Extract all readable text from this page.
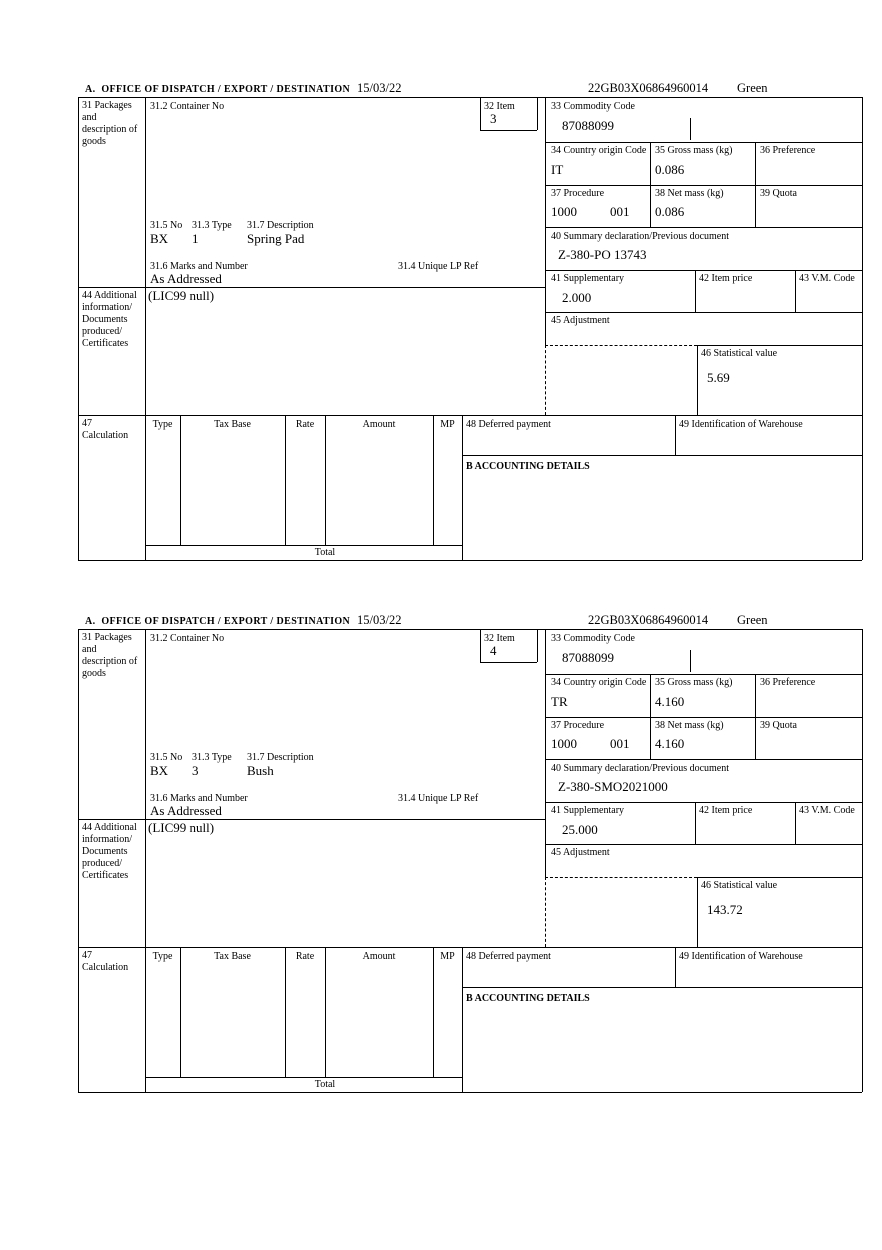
A.  OFFICE OF DISPATCH / EXPORT / DESTINATION 15/03/22	22GB03X06864960014 Green
31 Packages and description of goods
44 Additional information/ Documents produced/ Certificates
47 Calculation
31.2 Container No	32 Item
3
33 Commodity Code
87088099
34 Country origin Code
IT
35 Gross mass (kg)
0.086
36 Preference
37 Procedure
1000	001
38 Net mass (kg)
0.086
39 Quota
40 Summary declaration/Previous document
Z-380-PO 13743
31.5 No 31.3 Type 31.7 Description
BX 1	Spring Pad
31.6 Marks and Number	31.4 Unique LP Ref
As Addressed
(LIC99 null)
41 Supplementary
2.000
42 Item price	43 V.M. Code
45 Adjustment
46 Statistical value
5.69
Type	Tax Base	Rate	Amount	MP
Total
48 Deferred payment	49 Identification of Warehouse
B ACCOUNTING DETAILS
A.  OFFICE OF DISPATCH / EXPORT / DESTINATION 15/03/22	22GB03X06864960014 Green
31 Packages and description of goods
44 Additional information/ Documents produced/ Certificates
47 Calculation
31.2 Container No	32 Item
4
33 Commodity Code
87088099
34 Country origin Code
TR
35 Gross mass (kg)
4.160
36 Preference
37 Procedure
1000	001
38 Net mass (kg)
4.160
39 Quota
40 Summary declaration/Previous document
Z-380-SMO2021000
31.5 No 31.3 Type 31.7 Description
BX 3	Bush
31.6 Marks and Number	31.4 Unique LP Ref
As Addressed
(LIC99 null)
41 Supplementary
25.000
42 Item price	43 V.M. Code
45 Adjustment
46 Statistical value
143.72
Type	Tax Base	Rate	Amount	MP
Total
48 Deferred payment	49 Identification of Warehouse
B ACCOUNTING DETAILS
